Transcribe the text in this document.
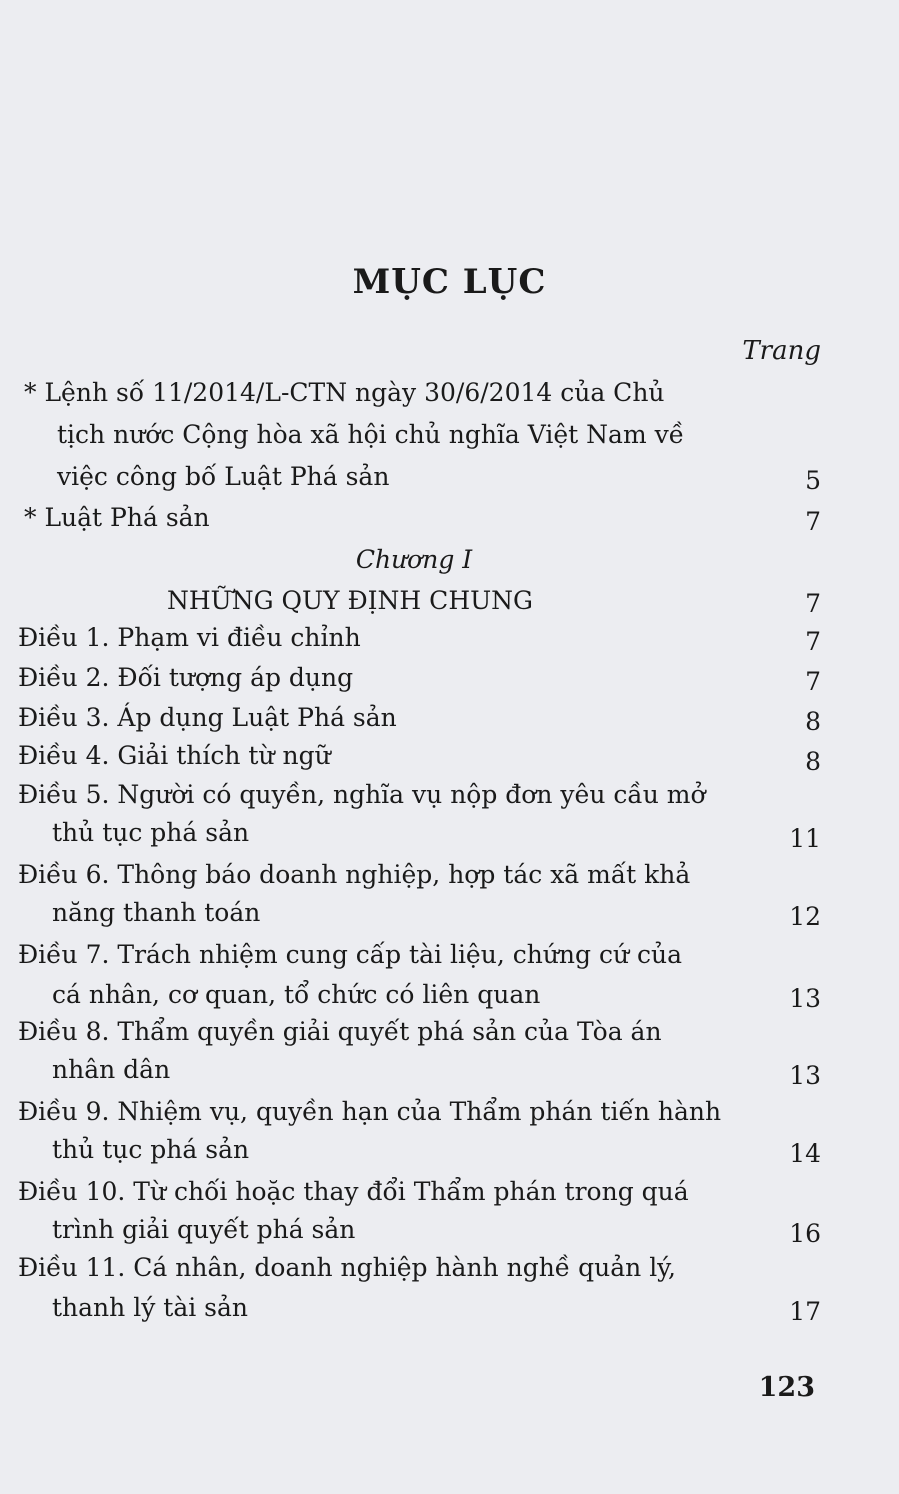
MỤC LỤC
Trang
* Lệnh số 11/2014/L-CTN ngày 30/6/2014 của Chủ
tịch nước Cộng hòa xã hội chủ nghĩa Việt Nam về
việc công bố Luật Phá sản	5
* Luật Phá sản	7
Chương I
NHỮNG QUY ĐỊNH CHUNG	7
Điều 1. Phạm vi điều chỉnh	7
Điều 2. Đối tượng áp dụng	7
Điều 3. Áp dụng Luật Phá sản	8
Điều 4. Giải thích từ ngữ	8
Điều 5. Người có quyền, nghĩa vụ nộp đơn yêu cầu mở
thủ tục phá sản	11
Điều 6. Thông báo doanh nghiệp, hợp tác xã mất khả
năng thanh toán	12
Điều 7. Trách nhiệm cung cấp tài liệu, chứng cứ của
cá nhân, cơ quan, tổ chức có liên quan	13
Điều 8. Thẩm quyền giải quyết phá sản của Tòa án
nhân dân	13
Điều 9. Nhiệm vụ, quyền hạn của Thẩm phán tiến hành
thủ tục phá sản	14
Điều 10. Từ chối hoặc thay đổi Thẩm phán trong quá
trình giải quyết phá sản	16
Điều 11. Cá nhân, doanh nghiệp hành nghề quản lý,
thanh lý tài sản	17
123
